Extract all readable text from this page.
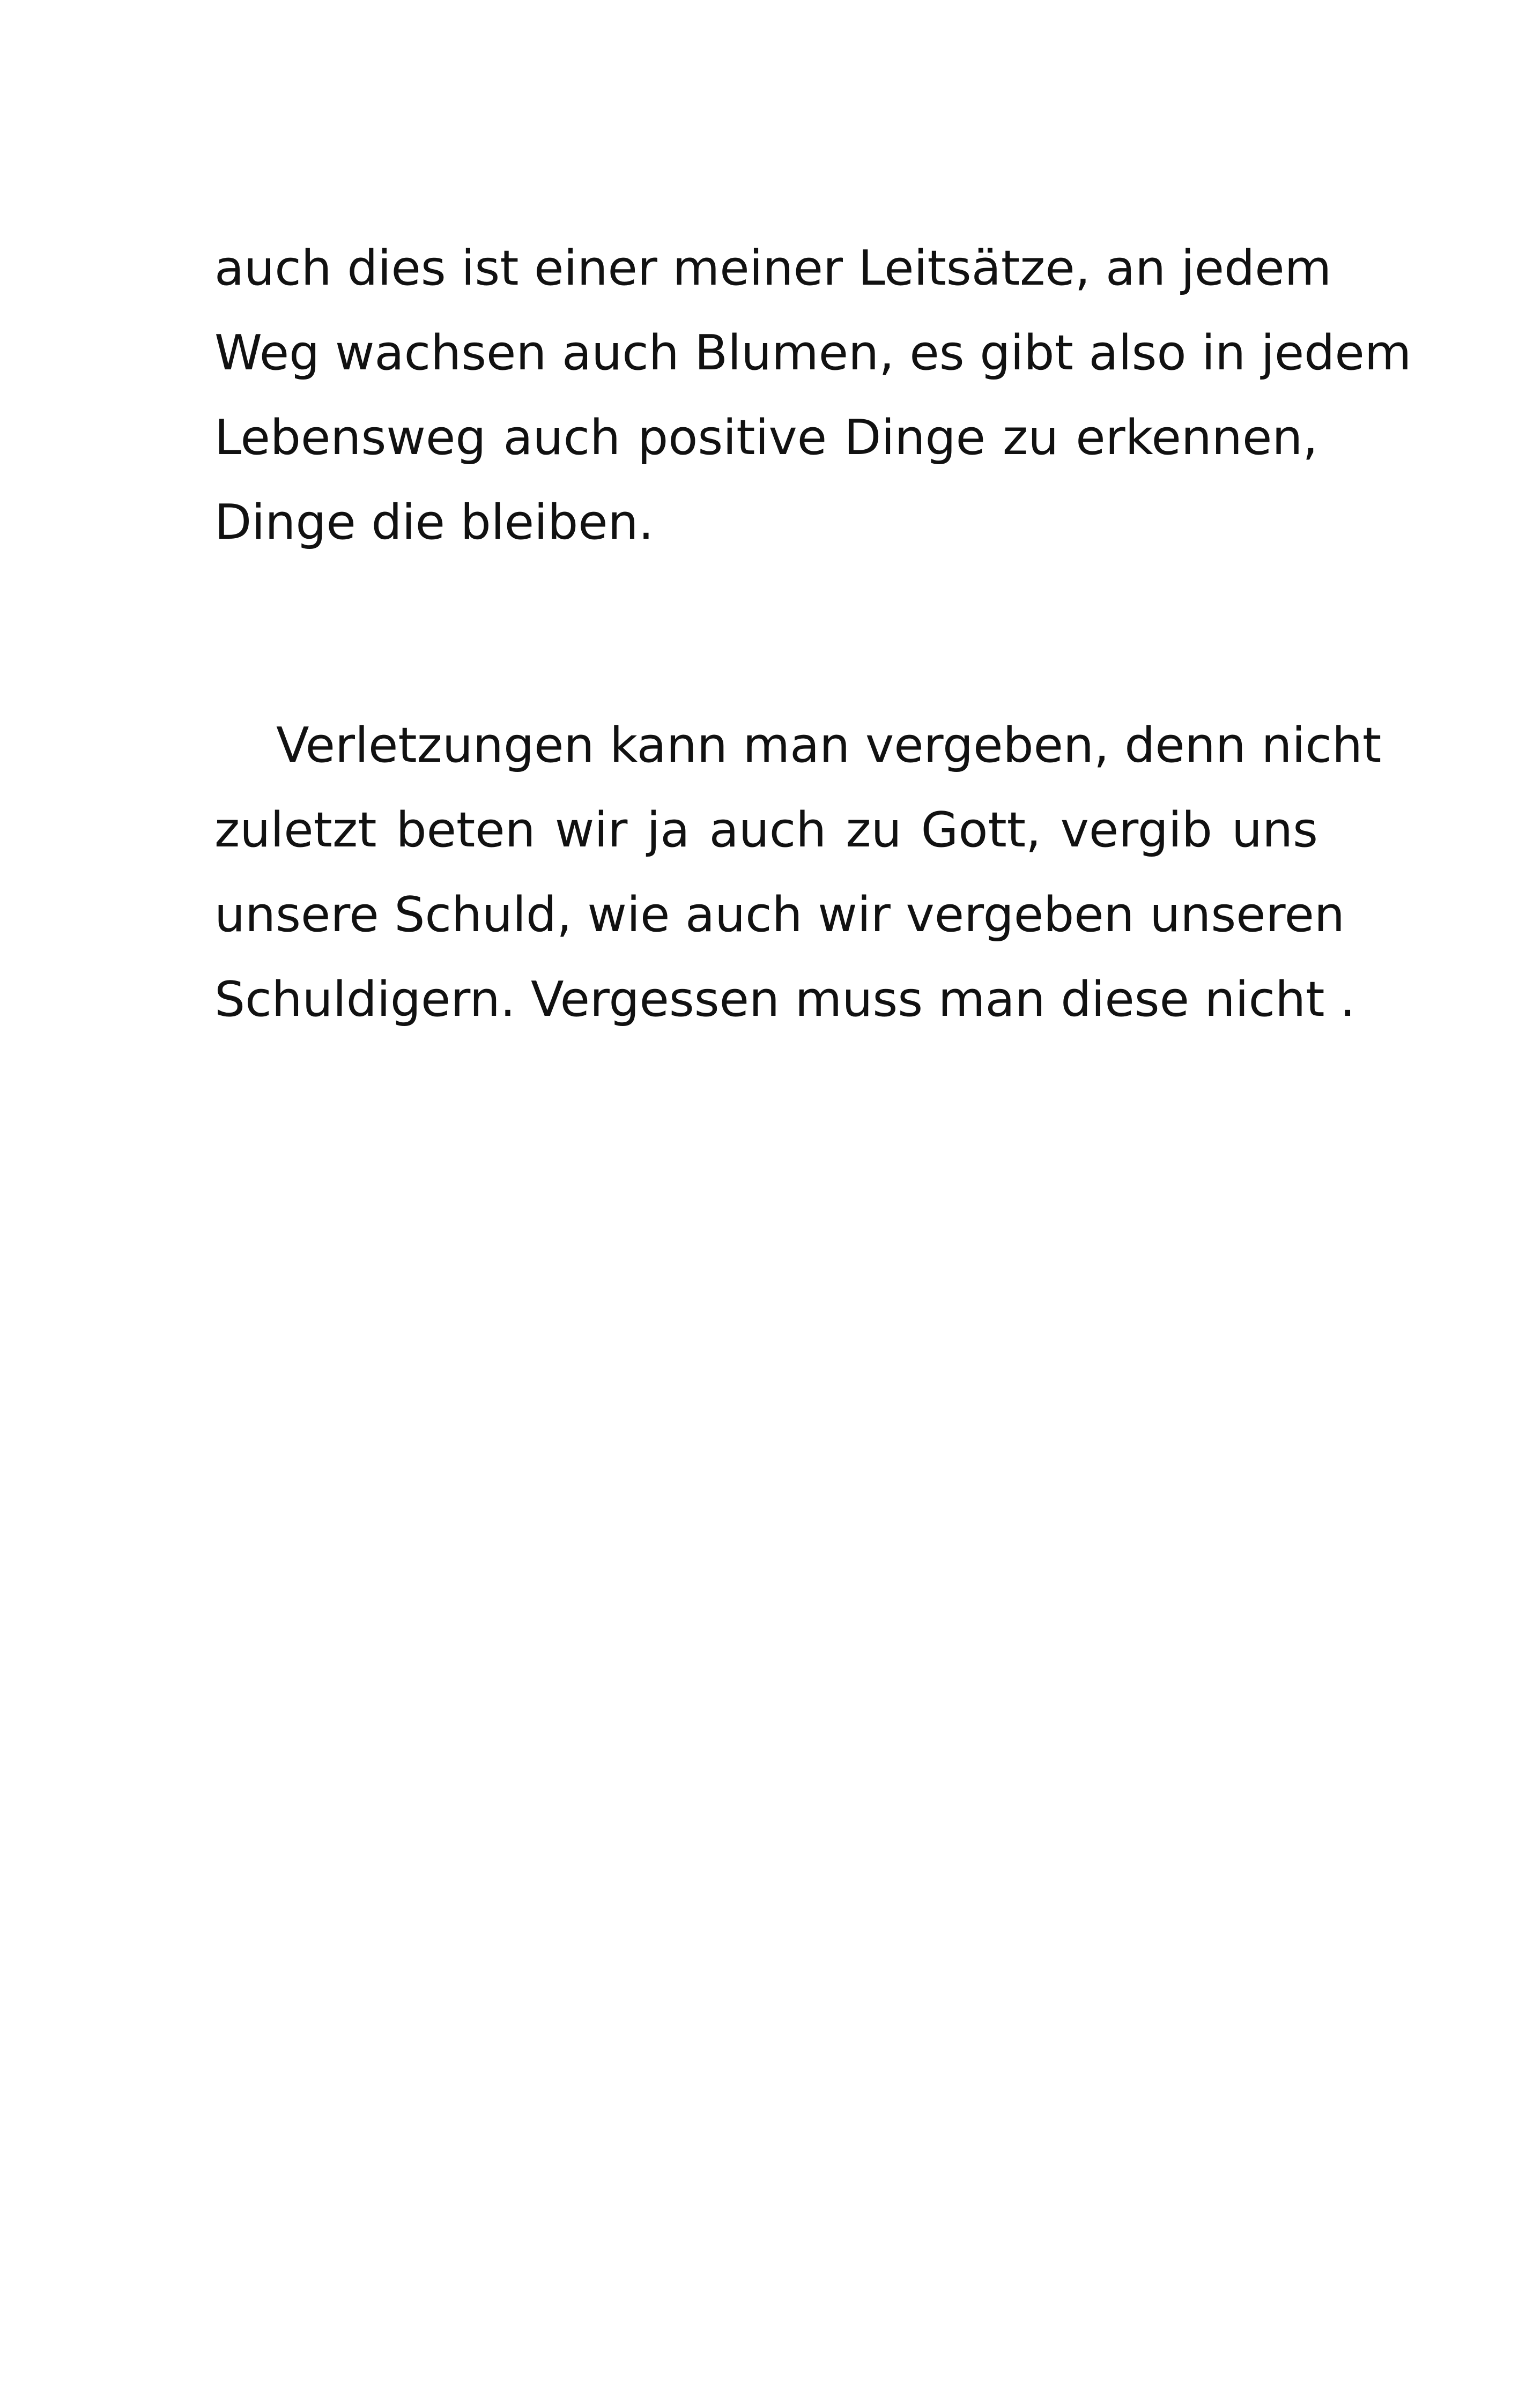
auch dies ist einer meiner Leitsätze, an jedem
Weg wachsen auch Blumen, es gibt also in jedem
Lebensweg auch positive Dinge zu erkennen,
Dinge die bleiben.
Verletzungen kann man vergeben, denn nicht
zuletzt beten wir ja auch zu Gott, vergib uns
unsere Schuld, wie auch wir vergeben unseren
Schuldigern. Vergessen muss man diese nicht .
